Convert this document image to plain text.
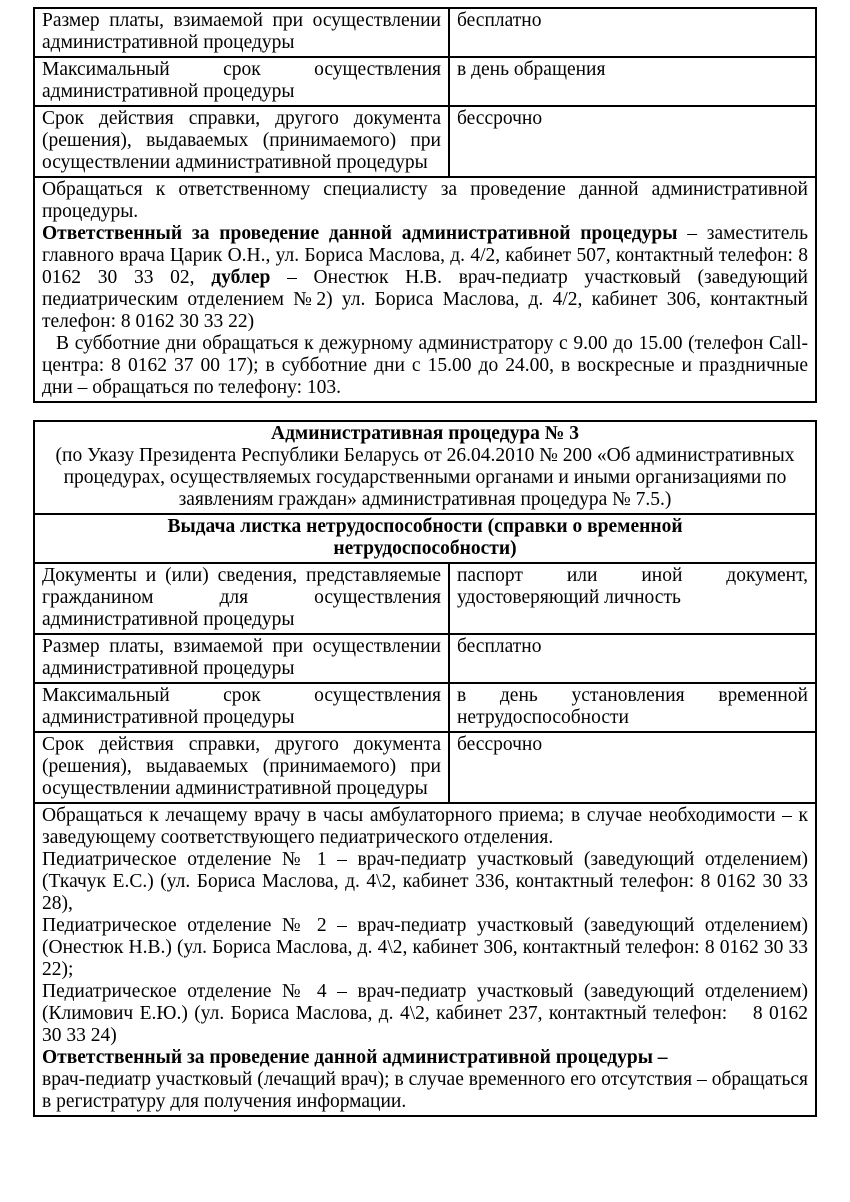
Размер платы, взимаемой при осуществлении административной процедуры	бесплатно
Максимальный срок осуществления административной процедуры	в день обращения
Срок действия справки, другого документа (решения), выдаваемых (принимаемого) при осуществлении административной процедуры	бессрочно

Обращаться к ответственному специалисту за проведение данной административной процедуры.

Ответственный за проведение данной административной процедуры – заместитель главного врача Царик О.Н., ул. Бориса Маслова, д. 4/2, кабинет 507, контактный телефон: 8 0162 30 33 02, дублер – Онестюк Н.В. врач-педиатр участковый (заведующий педиатрическим отделением №2) ул. Бориса Маслова, д. 4/2, кабинет 306, контактный телефон: 8 0162 30 33 22)

В субботние дни обращаться к дежурному администратору с 9.00 до 15.00 (телефон Call-центра: 8 0162 37 00 17); в субботние дни с 15.00 до 24.00, в воскресные и праздничные дни – обращаться по телефону: 103.	

Административная процедура № 3
(по Указу Президента Республики Беларусь от 26.04.2010 № 200 «Об административных процедурах, осуществляемых государственными органами и иными организациями по заявлениям граждан» административная процедура № 7.5.)	

Выдача листка нетрудоспособности (справки о временной нетрудоспособности)	

Документы и (или) сведения, представляемые гражданином для осуществления административной процедуры	паспорт или иной документ, удостоверяющий личность
Размер платы, взимаемой при осуществлении административной процедуры	бесплатно
Максимальный срок осуществления административной процедуры	в день установления временной нетрудоспособности
Срок действия справки, другого документа (решения), выдаваемых (принимаемого) при осуществлении административной процедуры	бессрочно

Обращаться к лечащему врачу в часы амбулаторного приема; в случае необходимости – к заведующему соответствующего педиатрического отделения.

Педиатрическое отделение № 1 – врач-педиатр участковый (заведующий отделением) (Ткачук Е.С.) (ул. Бориса Маслова, д. 4\2, кабинет 336, контактный телефон: 8 0162 30 33 28),

Педиатрическое отделение № 2 – врач-педиатр участковый (заведующий отделением) (Онестюк Н.В.) (ул. Бориса Маслова, д. 4\2, кабинет 306, контактный телефон: 8 0162 30 33 22);

Педиатрическое отделение № 4 – врач-педиатр участковый (заведующий отделением) (Климович Е.Ю.) (ул. Бориса Маслова, д. 4\2, кабинет 237, контактный телефон:    8 0162 30 33 24)

Ответственный за проведение данной административной процедуры –

врач-педиатр участковый (лечащий врач); в случае временного его отсутствия – обращаться в регистратуру для получения информации.
